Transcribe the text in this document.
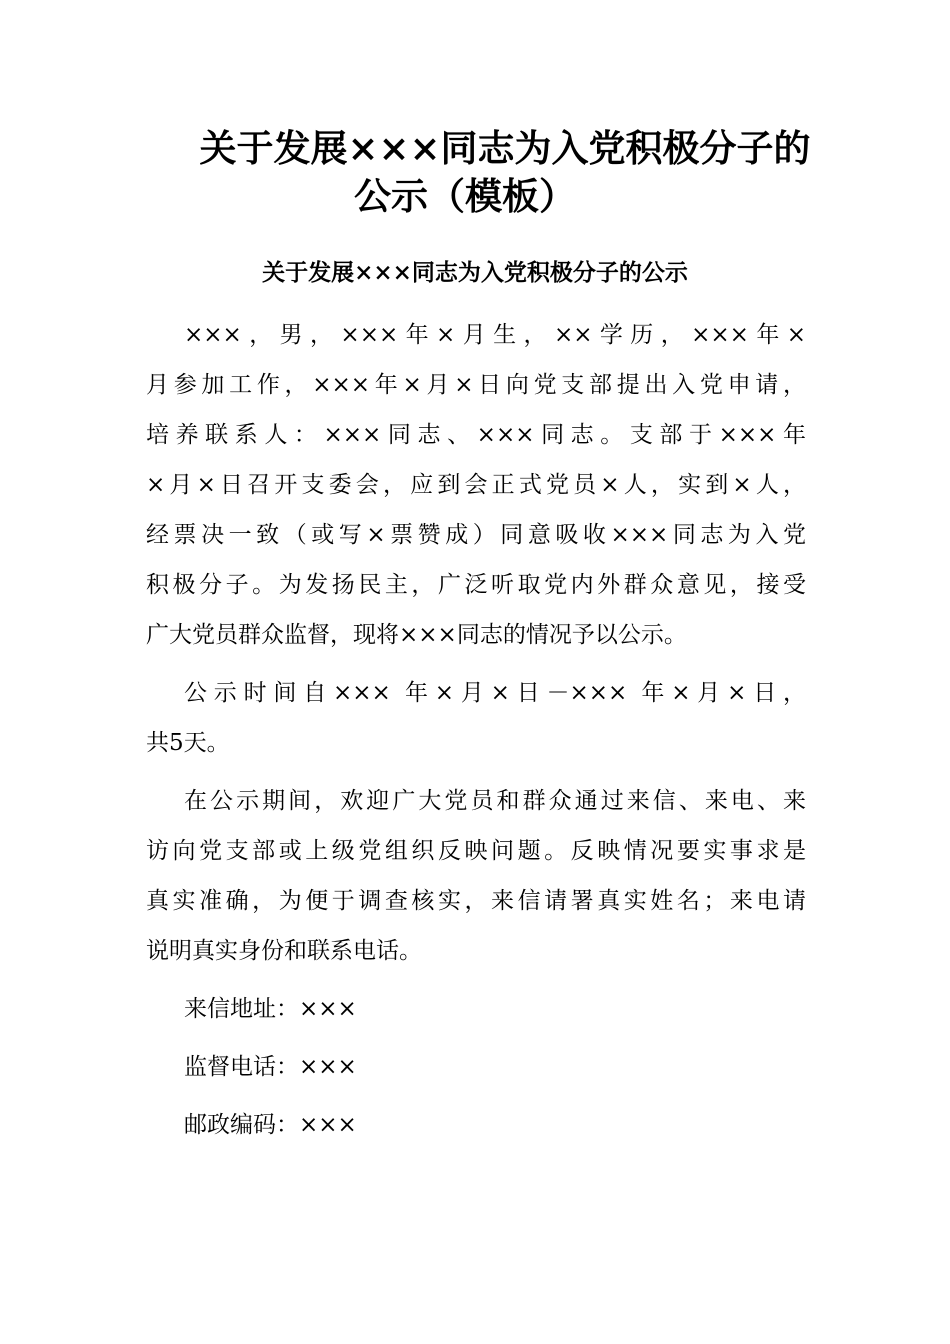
关于发展×××同志为入党积极分子的
公示（模板）
关于发展×××同志为入党积极分子的公示
×××，男，×××年×月生，××学历，×××年×
月参加工作，×××年×月×日向党支部提出入党申请，
培养联系人：×××同志、×××同志。支部于×××年
×月×日召开支委会，应到会正式党员×人，实到×人，
经票决一致（或写×票赞成）同意吸收×××同志为入党
积极分子。为发扬民主，广泛听取党内外群众意见，接受
广大党员群众监督，现将×××同志的情况予以公示。
公示时间自××× 年×月×日－××× 年×月×日，
共5天。
在公示期间，欢迎广大党员和群众通过来信、来电、来
访向党支部或上级党组织反映问题。反映情况要实事求是
真实准确，为便于调查核实，来信请署真实姓名；来电请
说明真实身份和联系电话。
来信地址：×××
监督电话：×××
邮政编码：×××
